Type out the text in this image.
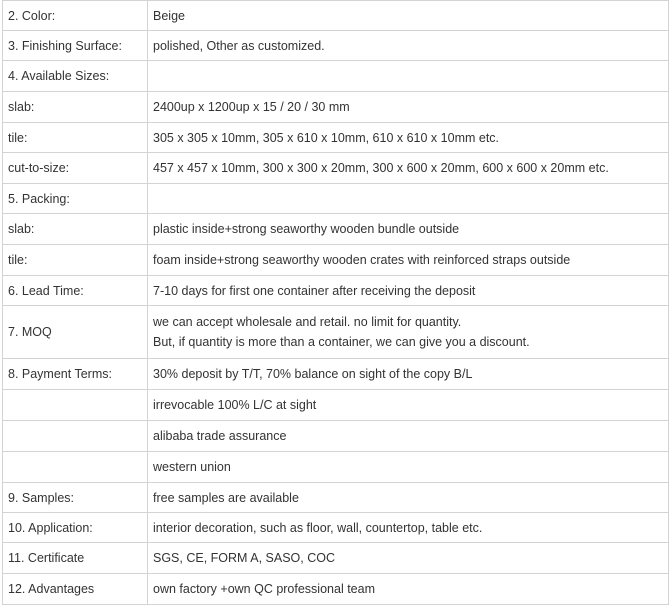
2. Color:	Beige
3. Finishing Surface:	polished, Other as customized.
4. Available Sizes:	
slab:	2400up x 1200up x 15 / 20 / 30 mm
tile:	305 x 305 x 10mm, 305 x 610 x 10mm, 610 x 610 x 10mm etc.
cut-to-size:	457 x 457 x 10mm, 300 x 300 x 20mm, 300 x 600 x 20mm, 600 x 600 x 20mm etc.
5. Packing:	
slab:	plastic inside+strong seaworthy wooden bundle outside
tile:	foam inside+strong seaworthy wooden crates with reinforced straps outside
6. Lead Time:	7-10 days for first one container after receiving the deposit
7. MOQ	we can accept wholesale and retail. no limit for quantity.
But, if quantity is more than a container, we can give you a discount.

8. Payment Terms:	30% deposit by T/T, 70% balance on sight of the copy B/L
	irrevocable 100% L/C at sight
	alibaba trade assurance
	western union
9. Samples:	free samples are available
10. Application:	interior decoration, such as floor, wall, countertop, table etc.
11. Certificate	SGS, CE, FORM A, SASO, COC
12. Advantages	own factory +own QC professional team
